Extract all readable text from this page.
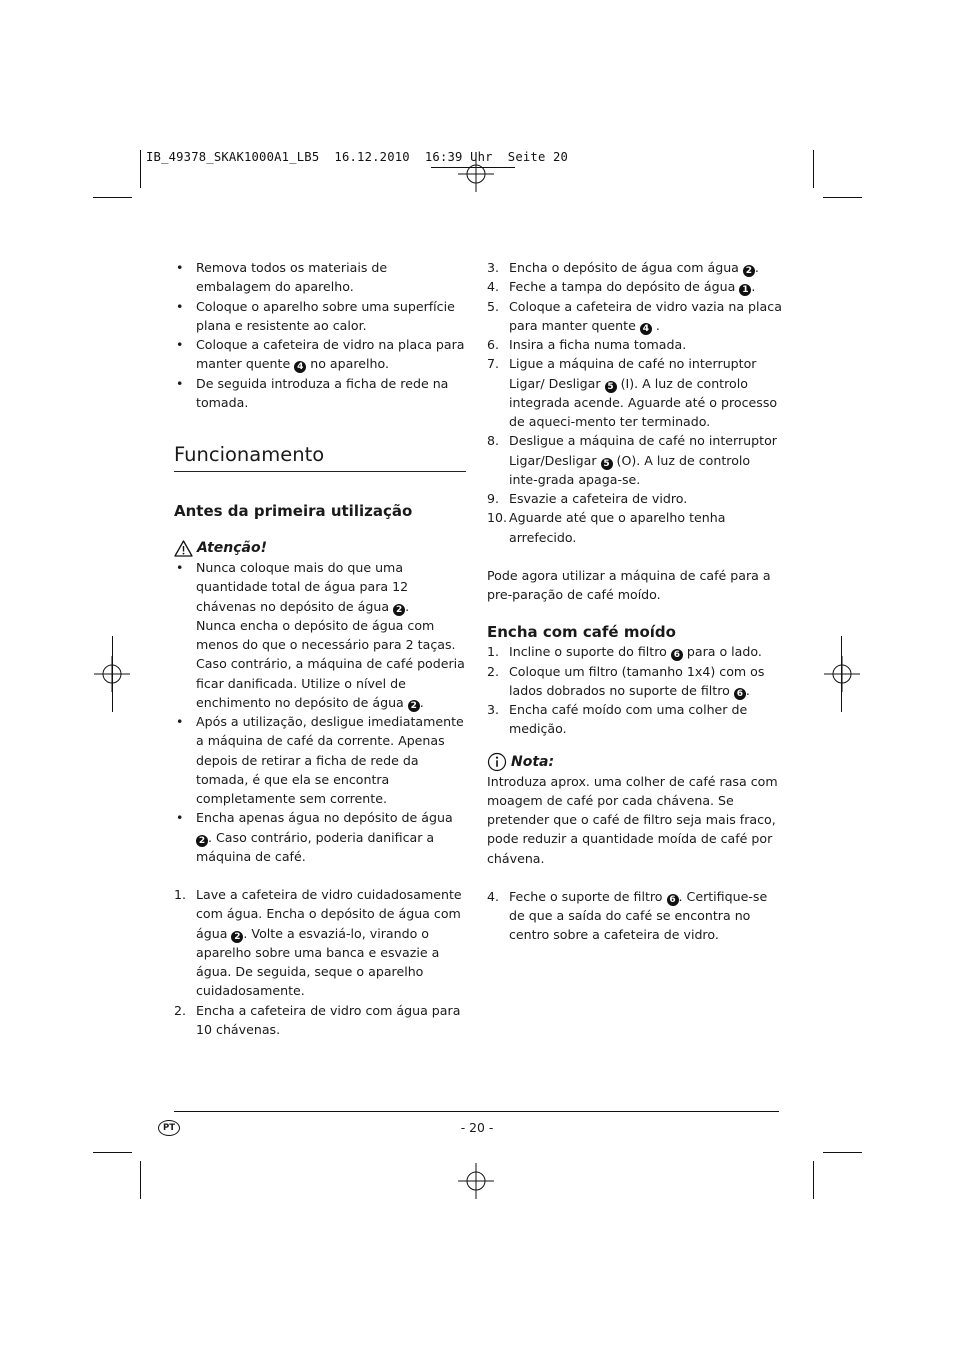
IB_49378_SKAK1000A1_LB5  16.12.2010  16:39 Uhr  Seite 20
• Remova todos os materiais de embalagem do aparelho.
• Coloque o aparelho sobre uma superfície plana e resistente ao calor.
• Coloque a cafeteira de vidro na placa para manter quente 4 no aparelho.
• De seguida introduza a ficha de rede na tomada.
Funcionamento
Antes da primeira utilização
Atenção!
• Nunca coloque mais do que uma quantidade total de água para 12 chávenas no depósito de água 2 .
Nunca encha o depósito de água com menos do que o necessário para 2 taças. Caso contrário, a máquina de café poderia ficar danificada. Utilize o nível de enchimento no depósito de água 2 .
• Após a utilização, desligue imediatamente a máquina de café da corrente. Apenas depois de retirar a ficha de rede da tomada, é que ela se encontra completamente sem corrente.
• Encha apenas água no depósito de água 2 . Caso contrário, poderia danificar a máquina de café.
1. Lave a cafeteira de vidro cuidadosamente com água. Encha o depósito de água com água 2 . Volte a esvaziá-lo, virando o aparelho sobre uma banca e esvazie a água. De seguida, seque o aparelho cuidadosamente.
2. Encha a cafeteira de vidro com água para 10 chávenas.
3. Encha o depósito de água com água 2 .
4. Feche a tampa do depósito de água 1 .
5. Coloque a cafeteira de vidro vazia na placa para manter quente 4 .
6. Insira a ficha numa tomada.
7. Ligue a máquina de café no interruptor Ligar/ Desligar 5 (I). A luz de controlo integrada acende. Aguarde até o processo de aqueci-mento ter terminado.
8. Desligue a máquina de café no interruptor Ligar/Desligar 5 (O). A luz de controlo inte-grada apaga-se.
9. Esvazie a cafeteira de vidro.
10. Aguarde até que o aparelho tenha arrefecido.
Pode agora utilizar a máquina de café para a pre-paração de café moído.
Encha com café moído
1. Incline o suporte do filtro 6 para o lado.
2. Coloque um filtro (tamanho 1x4) com os lados dobrados no suporte de filtro 6 .
3. Encha café moído com uma colher de medição.
Nota:
Introduza aprox. uma colher de café rasa com moagem de café por cada chávena. Se pretender que o café de filtro seja mais fraco, pode reduzir a quantidade moída de café por chávena.
4. Feche o suporte de filtro 6 . Certifique-se de que a saída do café se encontra no centro sobre a cafeteira de vidro.
PT	- 20 -
